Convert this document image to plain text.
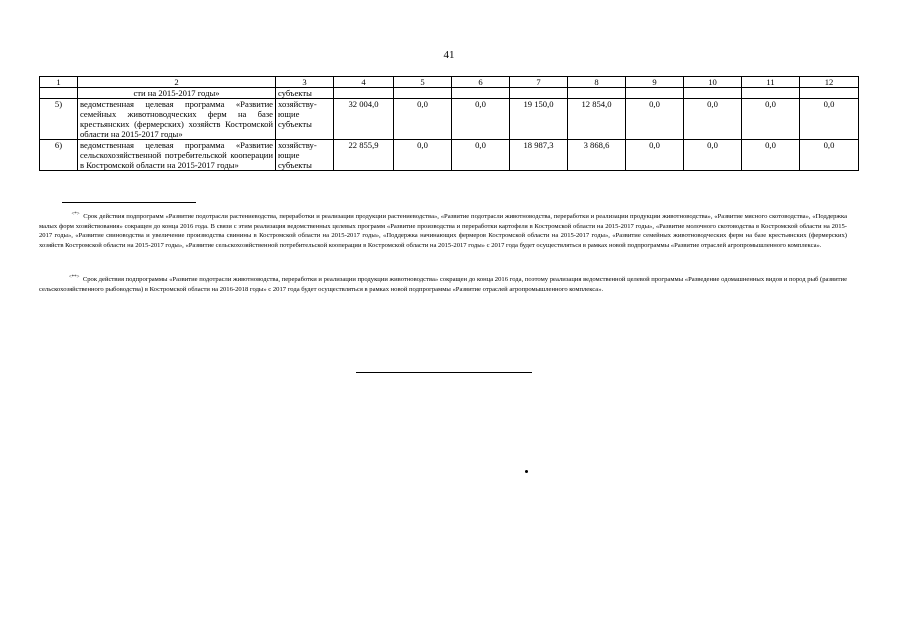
41
1	2	3	4	5	6	7	8	9	10	11	12
	сти на 2015-2017 годы»	субъекты									
5)	ведомственная целевая программа «Развитие семейных животноводческих ферм на базе крестьянских (фермерских) хозяйств Костромской области на 2015-2017 годы»	хозяйству-ющие субъекты	32 004,0	0,0	0,0	19 150,0	12 854,0	0,0	0,0	0,0	0,0
6)	ведомственная целевая программа «Развитие сельскохозяйственной потребительской кооперации в Костромской области на 2015-2017 годы»	хозяйству-ющие субъекты	22 855,9	0,0	0,0	18 987,3	3 868,6	0,0	0,0	0,0	0,0

<*> Срок действия подпрограмм «Развитие подотрасли растениеводства, переработки и реализации продукции растениеводства», «Развитие подотрасли животноводства, переработки и реализации продукции животноводства», «Развитие мясного скотоводства», «Поддержка малых форм хозяйствования» сокращен до конца 2016 года. В связи с этим реализация ведомственных целевых программ «Развитие производства и переработки картофеля в Костромской области на 2015-2017 годы», «Развитие молочного скотоводства в Костромской области на 2015-2017 годы», «Развитие свиноводства и увеличение производства свинины в Костромской области на 2015-2017 годы», «Поддержка начинающих фермеров Костромской области на 2015-2017 годы», «Развитие семейных животноводческих ферм на базе крестьянских (фермерских) хозяйств Костромской области на 2015-2017 годы», «Развитие сельскохозяйственной потребительской кооперации в Костромской области на 2015-2017 годы» с 2017 года будет осуществляться в рамках новой подпрограммы «Развитие отраслей агропромышленного комплекса».

<**> Срок действия подпрограммы «Развитие подотрасли животноводства, переработки и реализации продукции животноводства» сокращен до конца 2016 года, поэтому реализация ведомственной целевой программы «Разведение одомашненных видов и пород рыб (развитие сельскохозяйственного рыбоводства) в Костромской области на 2016-2018 годы» с 2017 года будет осуществляться в рамках новой подпрограммы «Развитие отраслей агропромышленного комплекса».
